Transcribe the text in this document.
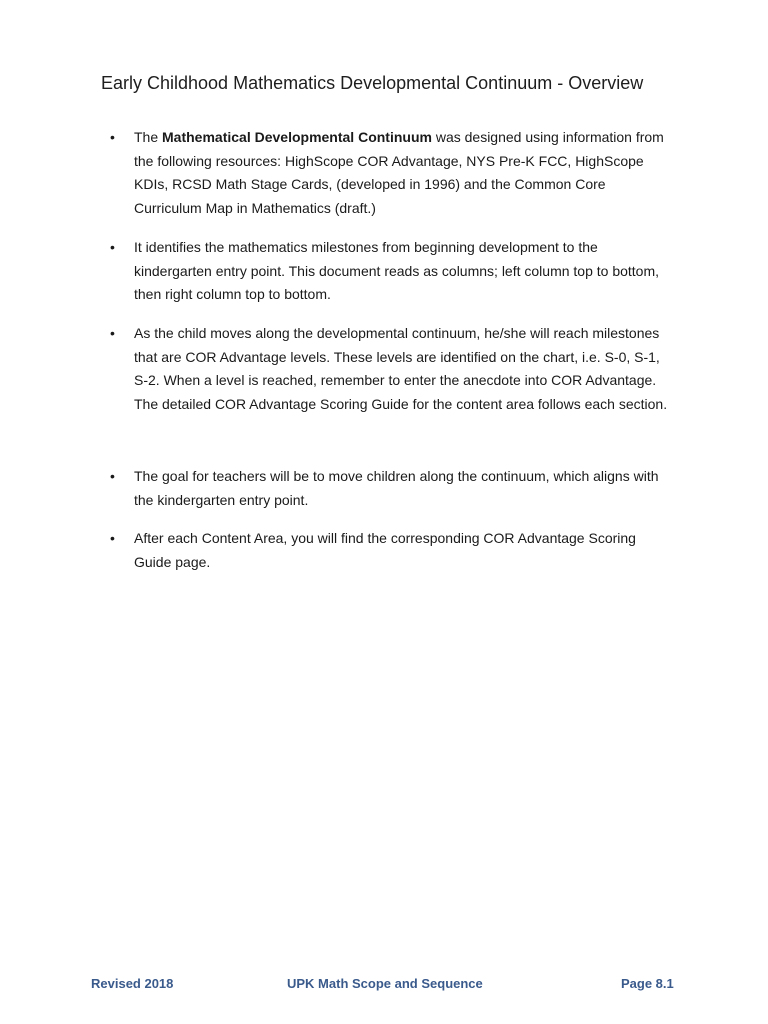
Early Childhood Mathematics Developmental Continuum - Overview
•	The Mathematical Developmental Continuum was designed using information from the following resources: HighScope COR Advantage, NYS Pre-K FCC, HighScope KDIs, RCSD Math Stage Cards, (developed in 1996) and the Common Core Curriculum Map in Mathematics (draft.)
•	It identifies the mathematics milestones from beginning development to the kindergarten entry point. This document reads as columns; left column top to bottom, then right column top to bottom.
•	As the child moves along the developmental continuum, he/she will reach milestones that are COR Advantage levels. These levels are identified on the chart, i.e. S-0, S-1, S-2. When a level is reached, remember to enter the anecdote into COR Advantage. The detailed COR Advantage Scoring Guide for the content area follows each section.
•	The goal for teachers will be to move children along the continuum, which aligns with the kindergarten entry point.
•	After each Content Area, you will find the corresponding COR Advantage Scoring Guide page.
Revised 2018	UPK Math Scope and Sequence	Page 8.1
